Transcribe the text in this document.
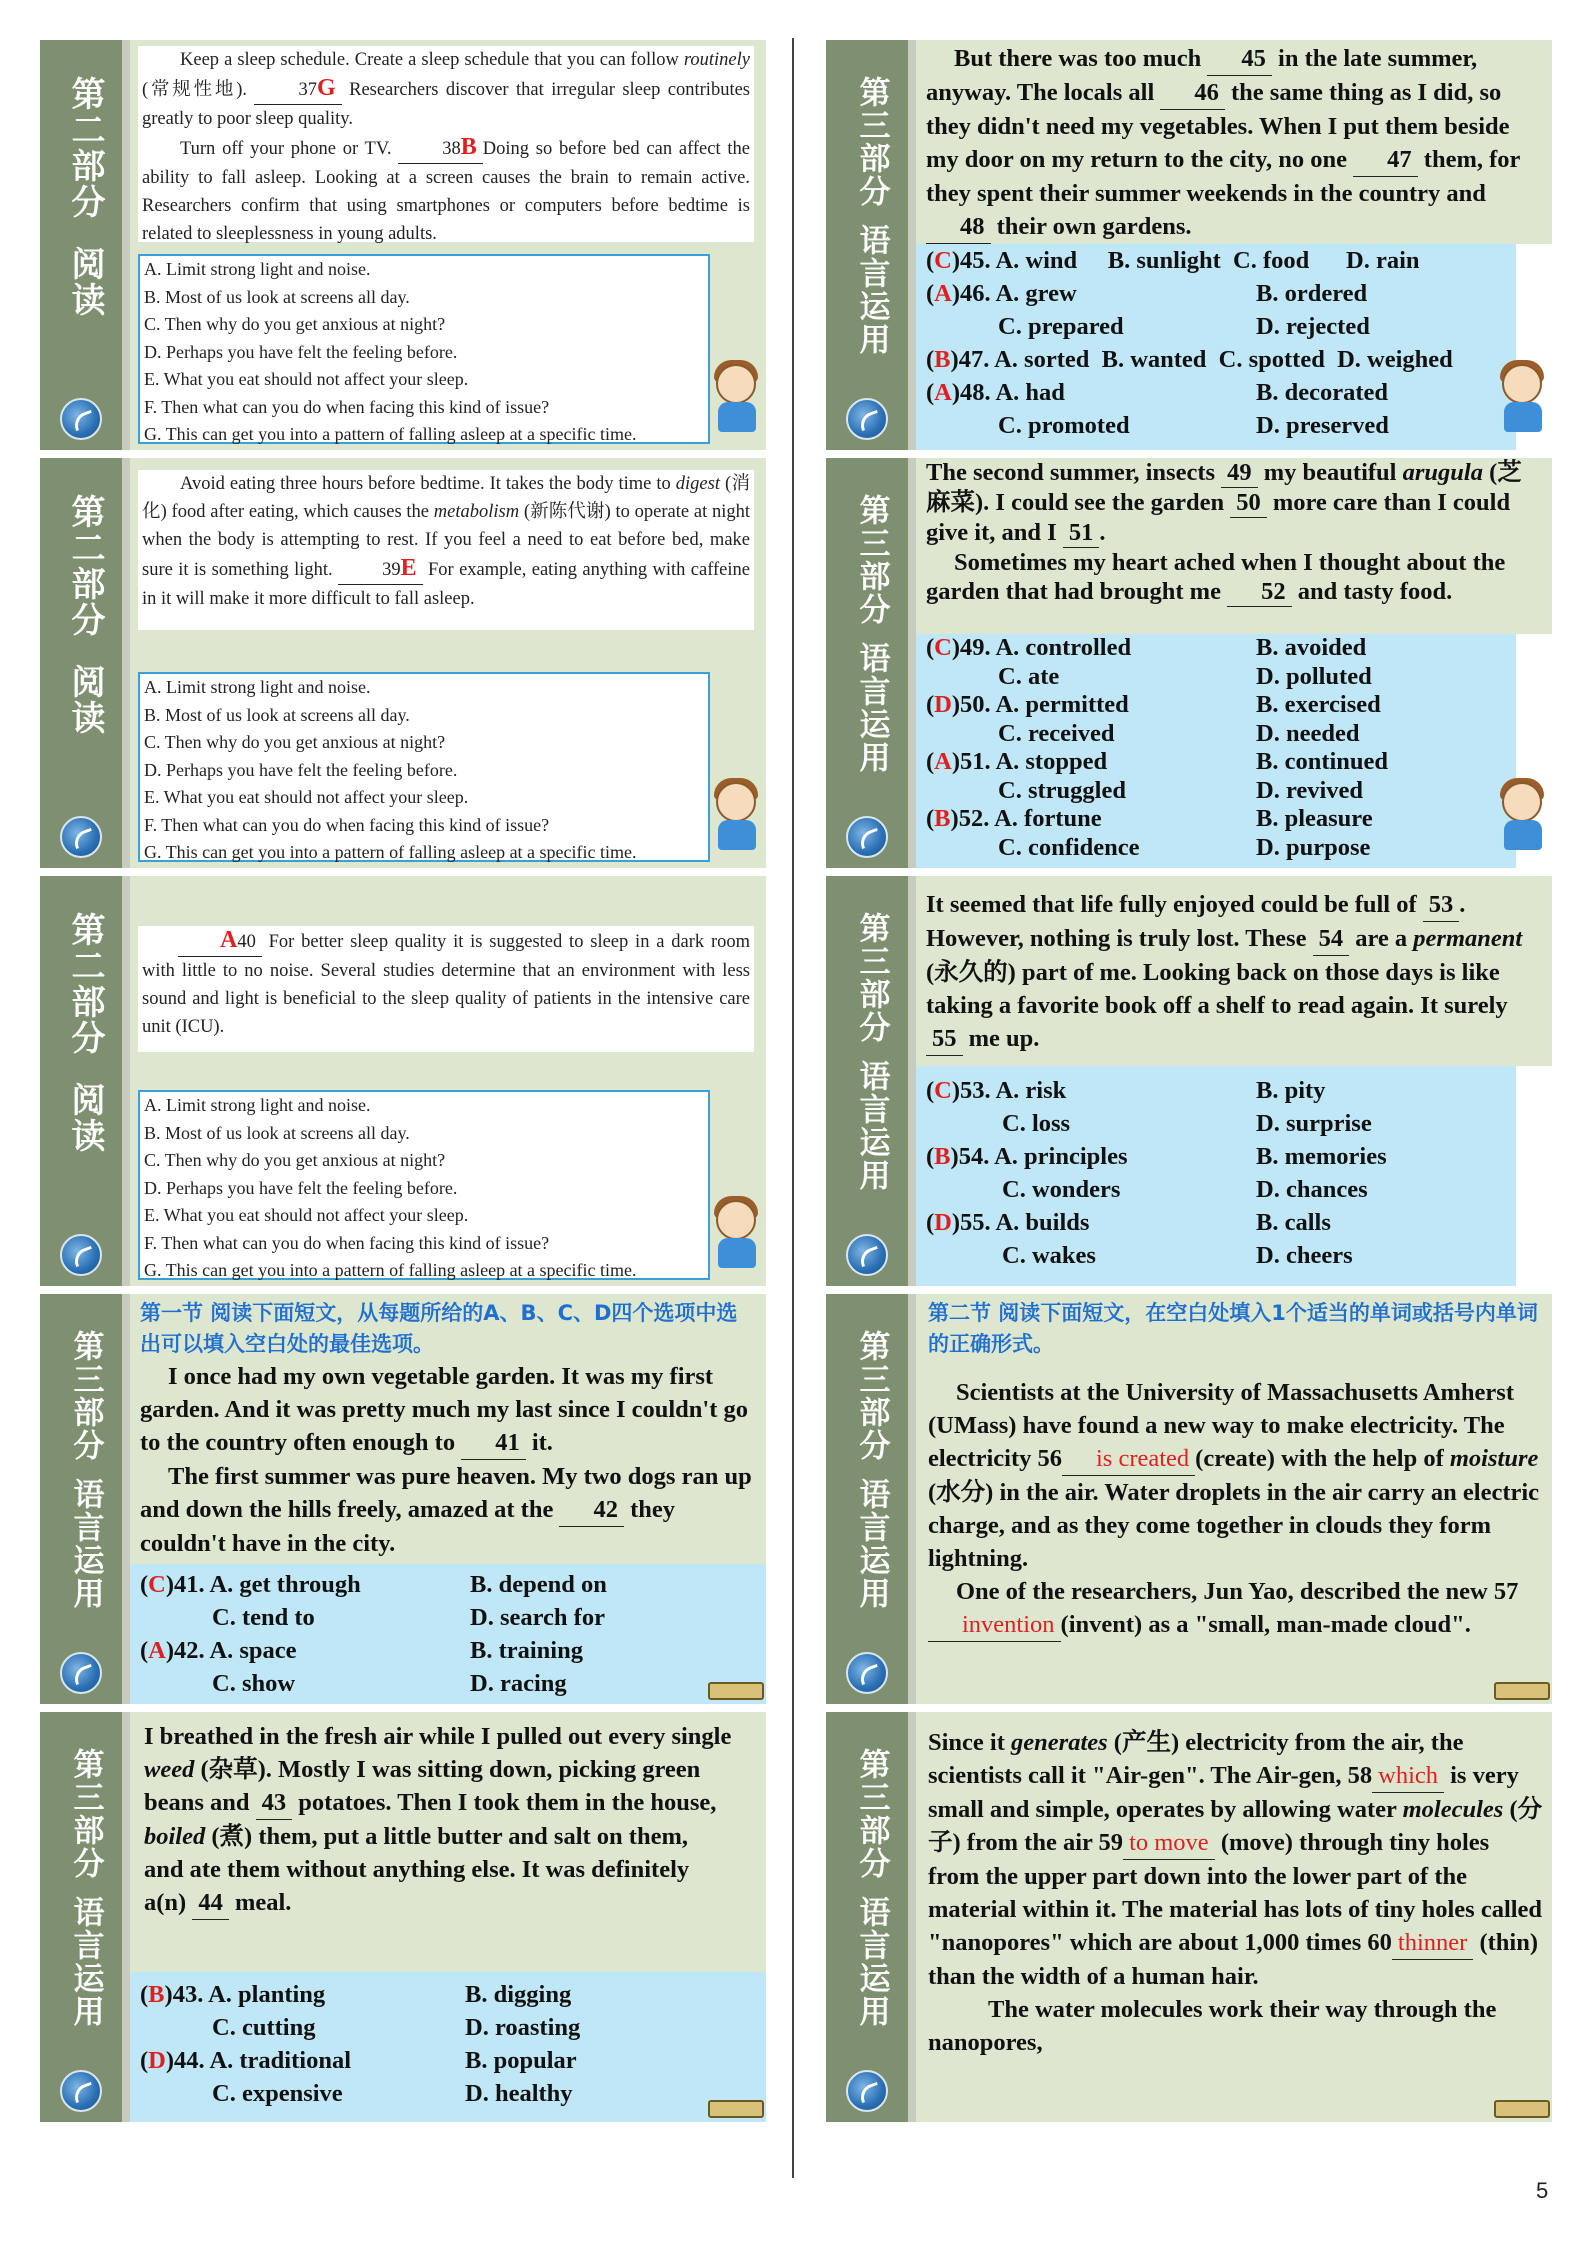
第二部分阅读

Keep a sleep schedule. Create a sleep schedule that you can follow routinely (常规性地). 37G Researchers discover that irregular sleep contributes greatly to poor sleep quality.

Turn off your phone or TV. 38B Doing so before bed can affect the ability to fall asleep. Looking at a screen causes the brain to remain active. Researchers confirm that using smartphones or computers before bedtime is related to sleeplessness in young adults.

A. Limit strong light and noise.
B. Most of us look at screens all day.
C. Then why do you get anxious at night?
D. Perhaps you have felt the feeling before.
E. What you eat should not affect your sleep.
F. Then what can you do when facing this kind of issue?
G. This can get you into a pattern of falling asleep at a specific time.
第二部分阅读

Avoid eating three hours before bedtime. It takes the body time to digest (消化) food after eating, which causes the metabolism (新陈代谢) to operate at night when the body is attempting to rest. If you feel a need to eat before bed, make sure it is something light. 39E For example, eating anything with caffeine in it will make it more difficult to fall asleep.

A. Limit strong light and noise.
B. Most of us look at screens all day.
C. Then why do you get anxious at night?
D. Perhaps you have felt the feeling before.
E. What you eat should not affect your sleep.
F. Then what can you do when facing this kind of issue?
G. This can get you into a pattern of falling asleep at a specific time.
第二部分阅读

A40 For better sleep quality it is suggested to sleep in a dark room with little to no noise. Several studies determine that an environment with less sound and light is beneficial to the sleep quality of patients in the intensive care unit (ICU).

A. Limit strong light and noise.
B. Most of us look at screens all day.
C. Then why do you get anxious at night?
D. Perhaps you have felt the feeling before.
E. What you eat should not affect your sleep.
F. Then what can you do when facing this kind of issue?
G. This can get you into a pattern of falling asleep at a specific time.
第三部分语言运用
第一节 阅读下面短文，从每题所给的A、B、C、D四个选项中选出可以填入空白处的最佳选项。

I once had my own vegetable garden. It was my first garden. And it was pretty much my last since I couldn't go to the country often enough to 41 it.

The first summer was pure heaven. My two dogs ran up and down the hills freely, amazed at the 42 they couldn't have in the city.

(C)41. A. get through	B. depend on
C. tend to	D. search for
(A)42. A. space	B. training
C. show	D. racing
第三部分语言运用

I breathed in the fresh air while I pulled out every single weed (杂草). Mostly I was sitting down, picking green beans and 43 potatoes. Then I took them in the house, boiled (煮) them, put a little butter and salt on them, and ate them without anything else. It was definitely a(n) 44 meal.

(B)43. A. planting	B. digging
C. cutting	D. roasting
(D)44. A. traditional	B. popular
C. expensive	D. healthy
第三部分语言运用

But there was too much 45 in the late summer, anyway. The locals all 46 the same thing as I did, so they didn't need my vegetables. When I put them beside my door on my return to the city, no one 47 them, for they spent their summer weekends in the country and 48 their own gardens.

(C)45. A. wind     B. sunlight  C. food      D. rain
(A)46. A. grew	B. ordered
C. prepared	D. rejected
(B)47. A. sorted  B. wanted  C. spotted  D. weighed
(A)48. A. had	B. decorated
C. promoted	D. preserved
第三部分语言运用

The second summer, insects 49 my beautiful arugula (芝麻菜). I could see the garden 50 more care than I could give it, and I 51 .

Sometimes my heart ached when I thought about the garden that had brought me 52 and tasty food.

(C)49. A. controlled	B. avoided
C. ate	D. polluted
(D)50. A. permitted	B. exercised
C. received	D. needed
(A)51. A. stopped	B. continued
C. struggled	D. revived
(B)52. A. fortune	B. pleasure
C. confidence	D. purpose
第三部分语言运用

It seemed that life fully enjoyed could be full of 53 . However, nothing is truly lost. These 54 are a permanent (永久的) part of me. Looking back on those days is like taking a favorite book off a shelf to read again. It surely 55 me up.

(C)53. A. risk	B. pity
C. loss	D. surprise
(B)54. A. principles	B. memories
C. wonders	D. chances
(D)55. A. builds	B. calls
C. wakes	D. cheers
第三部分语言运用
第二节 阅读下面短文，在空白处填入1个适当的单词或括号内单词的正确形式。

Scientists at the University of Massachusetts Amherst (UMass) have found a new way to make electricity. The electricity 56 is created (create) with the help of moisture (水分) in the air. Water droplets in the air carry an electric charge, and as they come together in clouds they form lightning.

One of the researchers, Jun Yao, described the new 57invention (invent) as a "small, man-made cloud".

第三部分语言运用

Since it generates (产生) electricity from the air, the scientists call it "Air-gen". The Air-gen, 58 which is very small and simple, operates by allowing water molecules (分子) from the air 59 to move (move) through tiny holes from the upper part down into the lower part of the material within it. The material has lots of tiny holes called "nanopores" which are about 1,000 times 60 thinner (thin) than the width of a human hair.

The water molecules work their way through the nanopores,

5
